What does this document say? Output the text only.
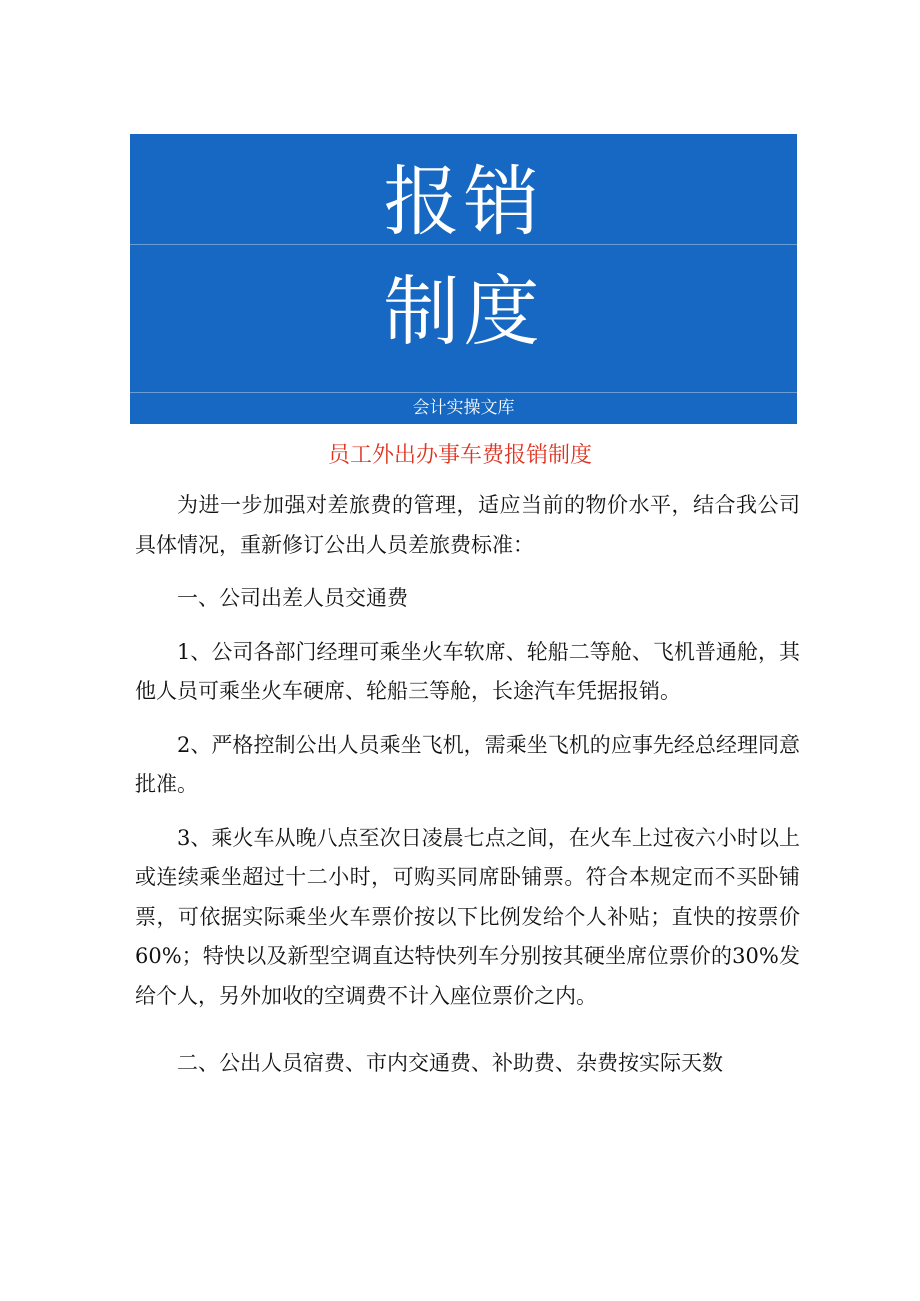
报销
制度
会计实操文库
员工外出办事车费报销制度

为进一步加强对差旅费的管理，适应当前的物价水平，结合我公司具体情况，重新修订公出人员差旅费标准：

一、公司出差人员交通费

1、公司各部门经理可乘坐火车软席、轮船二等舱、飞机普通舱，其他人员可乘坐火车硬席、轮船三等舱，长途汽车凭据报销。

2、严格控制公出人员乘坐飞机，需乘坐飞机的应事先经总经理同意批准。

3、乘火车从晚八点至次日凌晨七点之间，在火车上过夜六小时以上或连续乘坐超过十二小时，可购买同席卧铺票。符合本规定而不买卧铺票，可依据实际乘坐火车票价按以下比例发给个人补贴；直快的按票价60%；特快以及新型空调直达特快列车分别按其硬坐席位票价的30%发给个人，另外加收的空调费不计入座位票价之内。

二、公出人员宿费、市内交通费、补助费、杂费按实际天数
